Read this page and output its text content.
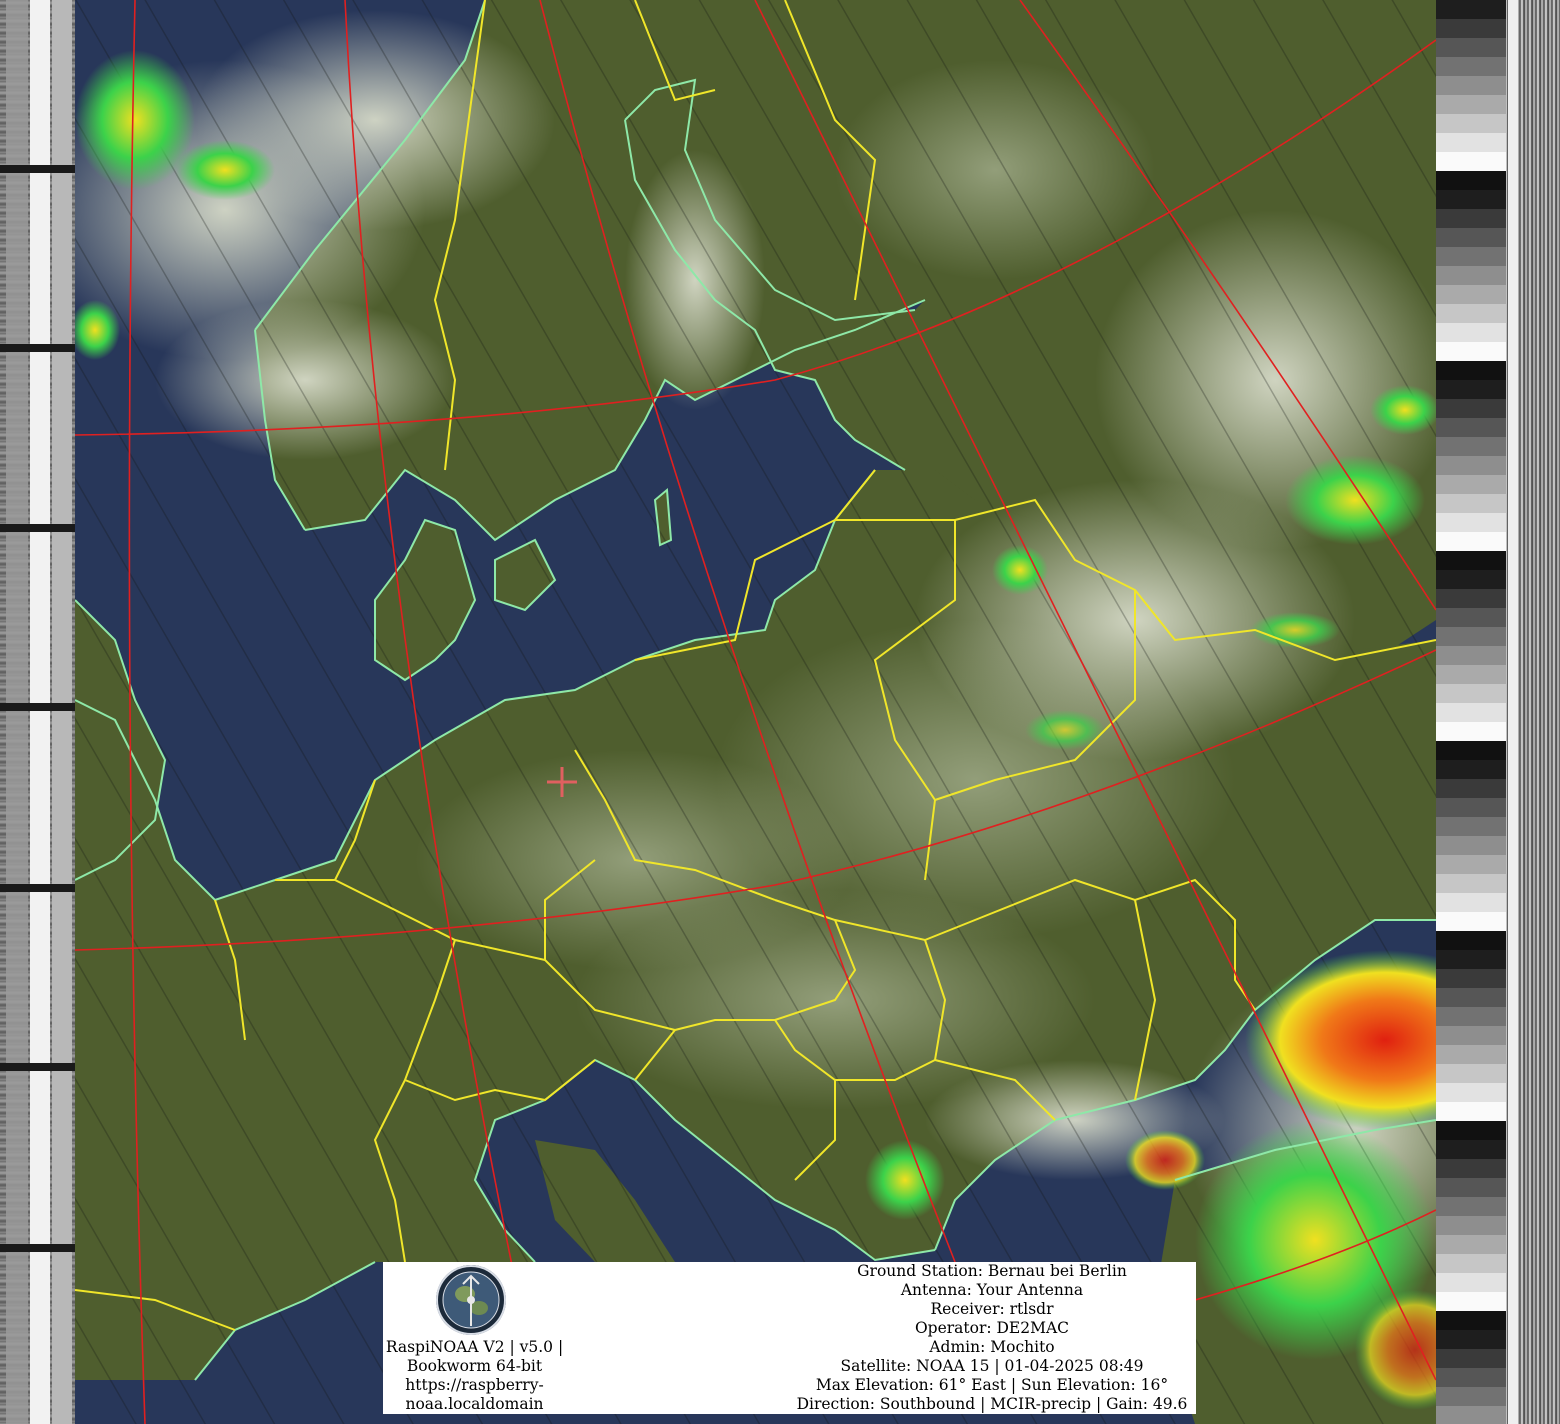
RaspiNOAA V2 | v5.0 |
Bookworm 64-bit
https://raspberry-
noaa.localdomain
Ground Station: Bernau bei Berlin
Antenna: Your Antenna
Receiver: rtlsdr
Operator: DE2MAC
Admin: Mochito
Satellite: NOAA 15 | 01-04-2025 08:49
Max Elevation: 61° East | Sun Elevation: 16°
Direction: Southbound | MCIR-precip | Gain: 49.6
